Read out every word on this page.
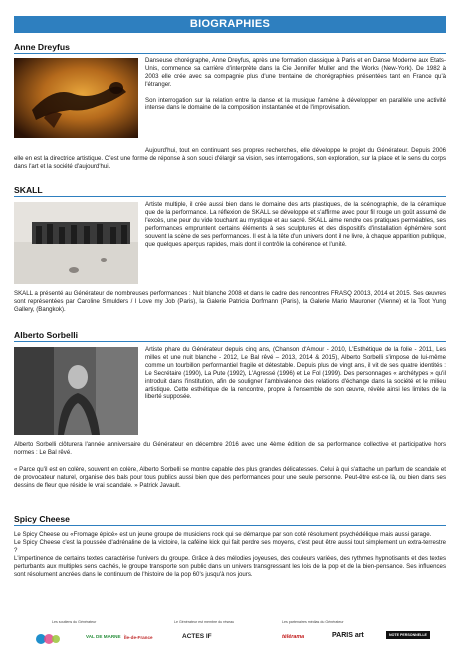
BIOGRAPHIES
Anne Dreyfus

Danseuse chorégraphe, Anne Dreyfus, après une formation classique à Paris et en Danse Moderne aux Etats-Unis, commence sa carrière d'interprète dans la Cie Jennifer Muller and the Works (New-York). De 1982 à 2003 elle crée avec sa compagnie plus d'une trentaine de chorégraphies présentées tant en France qu'à l'étranger.

Son interrogation sur la relation entre la danse et la musique l'amène à développer en parallèle une activité intense dans le domaine de la composition instantanée et de l'improvisation.

Aujourd'hui, tout en continuant ses propres recherches, elle développe le projet du Générateur. Depuis 2006 elle en est la directrice artistique. C'est une forme de réponse à son souci d'élargir sa vision, ses interrogations, son exploration, sur la place et le sens du corps dans l'art et la société d'aujourd'hui.

SKALL

Artiste multiple, il crée aussi bien dans le domaine des arts plastiques, de la scénographie, de la céramique que de la performance. La réflexion de SKALL se développe et s'affirme avec pour fil rouge un goût assumé de l'excès, une peur du vide touchant au mystique et au sacré. SKALL aime rendre ces pratiques perméables, ses performances empruntent certains éléments à ses sculptures et des dispositifs d'installation éphémère sont souvent la scène de ses performances. Il est à la tête d'un univers dont il ne livre, à chaque apparition publique, que quelques aperçus rapides, mais dont il contrôle la cohérence et l'unité.

SKALL a présenté au Générateur de nombreuses performances : Nuit blanche 2008 et dans le cadre des rencontres FRASQ 20013, 2014 et 2015. Ses œuvres sont représentées par Caroline Smulders / I Love my Job (Paris), la Galerie Patricia Dorfmann (Paris), la Galerie Mario Mauroner (Vienne) et la Toot Yung Gallery, (Bangkok).

Alberto Sorbelli

Artiste phare du Générateur depuis cinq ans, (Chanson d'Amour - 2010, L'Esthétique de la folie - 2011, Les milles et une nuit blanche - 2012, Le Bal rêvé – 2013, 2014 & 2015), Alberto Sorbelli s'impose de lui-même comme un tourbillon performantiel fragile et détestable. Depuis plus de vingt ans, il vit de ses quatre identités : Le Secrétaire (1990), La Pute (1992), L'Agressé (1996) et Le Fol (1999). Des personnages « archétypes » qu'il introduit dans l'institution, afin de souligner l'ambivalence des relations d'échange dans la société et le milieu artistique. Cette esthétique de la rencontre, propre à l'ensemble de son œuvre, révèle ainsi les limites de la liberté supposée.

Alberto Sorbelli clôturera l'année anniversaire du Générateur en décembre 2016 avec une 4ème édition de sa performance collective et participative hors normes : Le Bal rêvé.

« Parce qu'il est en colère, souvent en colère, Alberto Sorbelli se montre capable des plus grandes délicatesses. Celui à qui s'attache un parfum de scandale et de provocateur naturel, organise des bals pour tous publics aussi bien que des performances pour une seule personne. Peut-être est-ce là, ou bien dans ses dessins de fleur que réside le vrai scandale. » Patrick Javault.

Spicy Cheese

Le Spicy Cheese ou «Fromage épicé» est un jeune groupe de musiciens rock qui se démarque par son coté résolument psychédélique mais aussi garage.

Le Spicy Cheese c'est la poussée d'adrénaline de la victoire, la caféine kick qui fait perdre ses moyens, c'est peut être aussi tout simplement un extra-terrestre ?

L'impertinence de certains textes caractérise l'univers du groupe. Grâce à des mélodies joyeuses, des couleurs variées, des rythmes hypnotisants et des textes perturbants aux multiples sens cachés, le groupe transporte son public dans un univers transgressant les lois de la pop et de la bien-pensance. Ses influences sont résolument ancrées dans le continuum de l'histoire de la pop 60's jusqu'à nos jours.

Les soutiens du Générateur	Le Générateur est membre du réseau	Les partenaires médias du Générateur
VAL DE MARNE Île-de-France	ACTES IF	télérama	PARIS art	NOTE PERSONNELLE
